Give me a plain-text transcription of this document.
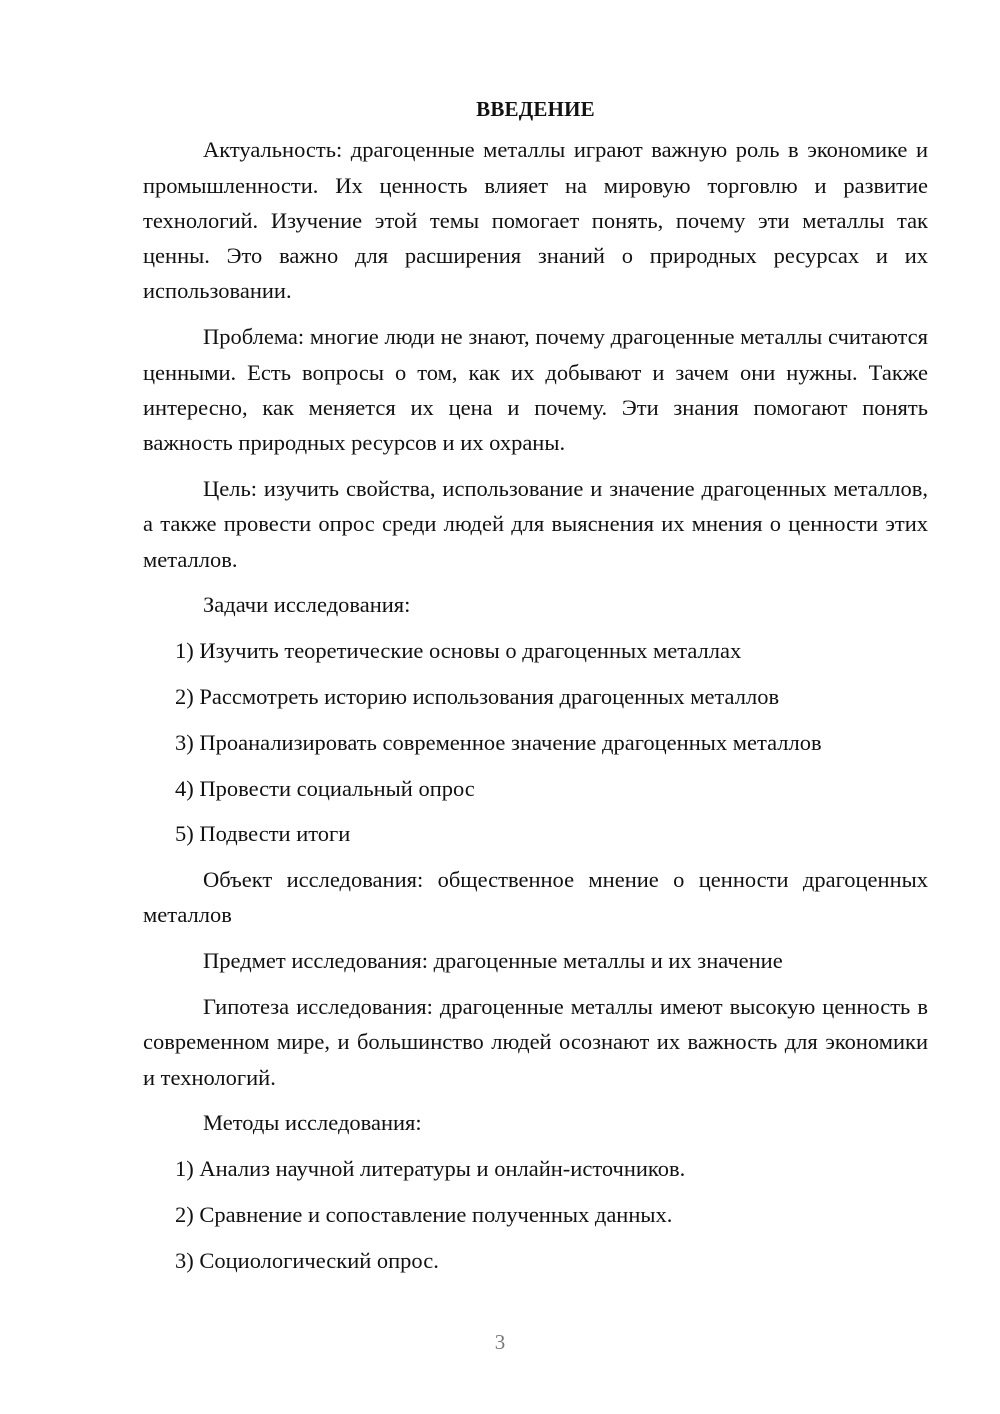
ВВЕДЕНИЕ

Актуальность: драгоценные металлы играют важную роль в экономике и промышленности. Их ценность влияет на мировую торговлю и развитие технологий. Изучение этой темы помогает понять, почему эти металлы так ценны. Это важно для расширения знаний о природных ресурсах и их использовании.

Проблема: многие люди не знают, почему драгоценные металлы считаются ценными. Есть вопросы о том, как их добывают и зачем они нужны. Также интересно, как меняется их цена и почему. Эти знания помогают понять важность природных ресурсов и их охраны.

Цель: изучить свойства, использование и значение драгоценных металлов, а также провести опрос среди людей для выяснения их мнения о ценности этих металлов.

Задачи исследования:

1) Изучить теоретические основы о драгоценных металлах
2) Рассмотреть историю использования драгоценных металлов
3) Проанализировать современное значение драгоценных металлов
4) Провести социальный опрос
5) Подвести итоги

Объект исследования: общественное мнение о ценности драгоценных металлов

Предмет исследования: драгоценные металлы и их значение

Гипотеза исследования: драгоценные металлы имеют высокую ценность в современном мире, и большинство людей осознают их важность для экономики и технологий.

Методы исследования:

1) Анализ научной литературы и онлайн-источников.
2) Сравнение и сопоставление полученных данных.
3) Социологический опрос.
3
